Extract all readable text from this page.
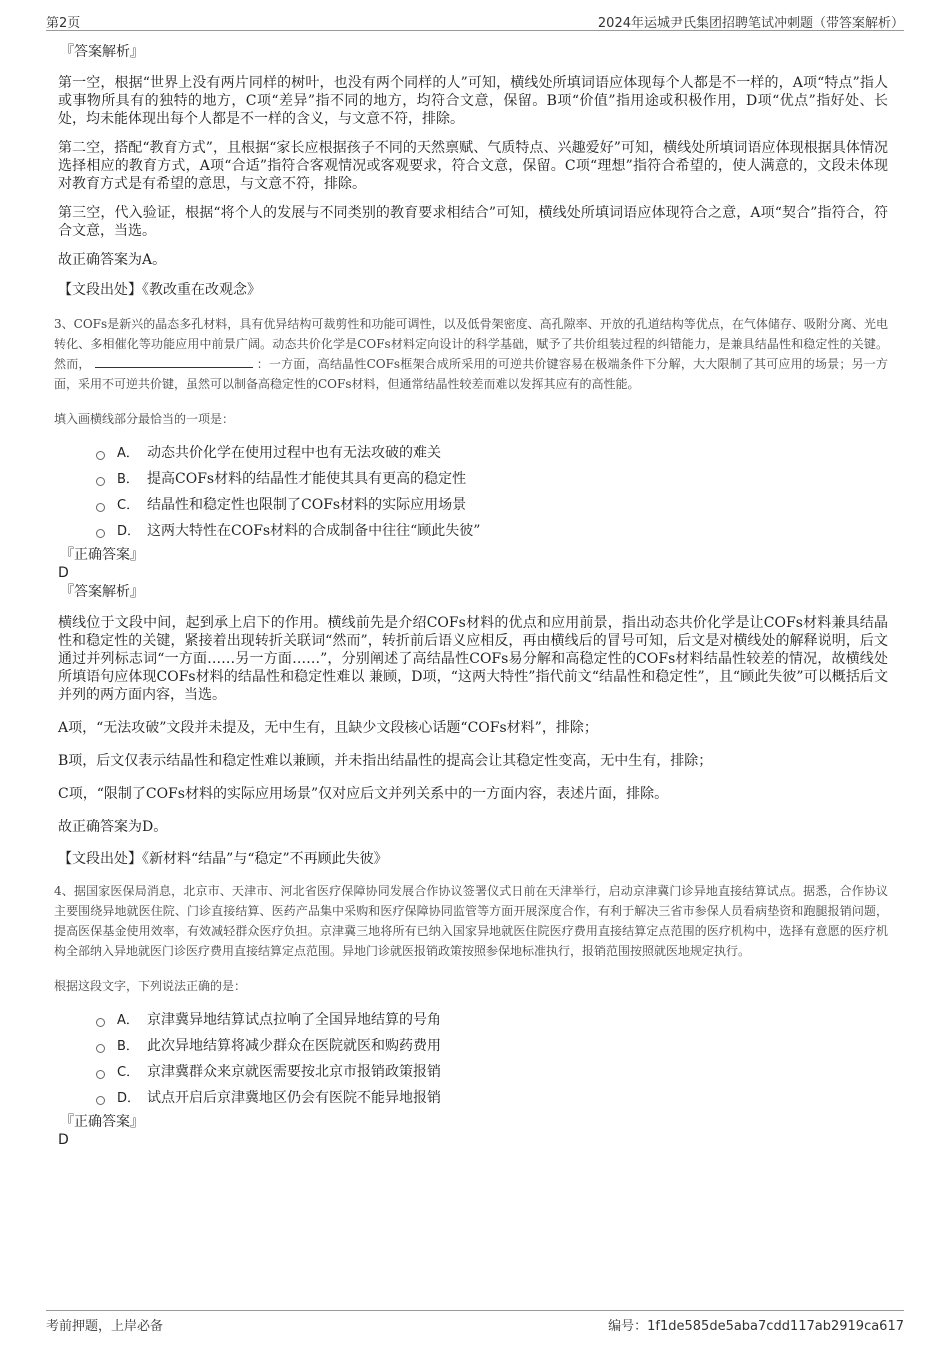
第2页	2024年运城尹氏集团招聘笔试冲刺题（带答案解析）
『答案解析』
第一空，根据“世界上没有两片同样的树叶，也没有两个同样的人”可知，横线处所填词语应体现每个人都是不一样的，A项“特点”指人或事物所具有的独特的地方，C项“差异”指不同的地方，均符合文意，保留。B项“价值”指用途或积极作用，D项“优点”指好处、长处，均未能体现出每个人都是不一样的含义，与文意不符，排除。
第二空，搭配“教育方式”，且根据“家长应根据孩子不同的天然禀赋、气质特点、兴趣爱好”可知，横线处所填词语应体现根据具体情况选择相应的教育方式，A项“合适”指符合客观情况或客观要求，符合文意，保留。C项“理想”指符合希望的，使人满意的，文段未体现对教育方式是有希望的意思，与文意不符，排除。
第三空，代入验证，根据“将个人的发展与不同类别的教育要求相结合”可知，横线处所填词语应体现符合之意，A项“契合”指符合，符合文意，当选。
故正确答案为A。
【文段出处】《教改重在改观念》
3、COFs是新兴的晶态多孔材料，具有优异结构可裁剪性和功能可调性，以及低骨架密度、高孔隙率、开放的孔道结构等优点，在气体储存、吸附分离、光电转化、多相催化等功能应用中前景广阔。动态共价化学是COFs材料定向设计的科学基础，赋予了共价组装过程的纠错能力，是兼具结晶性和稳定性的关键。然而，	：一方面，高结晶性COFs框架合成所采用的可逆共价键容易在极端条件下分解，大大限制了其可应用的场景；另一方面，采用不可逆共价键，虽然可以制备高稳定性的COFs材料，但通常结晶性较差而难以发挥其应有的高性能。
填入画横线部分最恰当的一项是：
A． 动态共价化学在使用过程中也有无法攻破的难关
B． 提高COFs材料的结晶性才能使其具有更高的稳定性
C． 结晶性和稳定性也限制了COFs材料的实际应用场景
D． 这两大特性在COFs材料的合成制备中往往“顾此失彼”
『正确答案』
D
『答案解析』
横线位于文段中间，起到承上启下的作用。横线前先是介绍COFs材料的优点和应用前景，指出动态共价化学是让COFs材料兼具结晶性和稳定性的关键，紧接着出现转折关联词“然而”，转折前后语义应相反，再由横线后的冒号可知，后文是对横线处的解释说明，后文通过并列标志词“一方面……另一方面……”，分别阐述了高结晶性COFs易分解和高稳定性的COFs材料结晶性较差的情况，故横线处所填语句应体现COFs材料的结晶性和稳定性难以 兼顾，D项，“这两大特性”指代前文“结晶性和稳定性”，且“顾此失彼”可以概括后文并列的两方面内容，当选。
A项，“无法攻破”文段并未提及，无中生有，且缺少文段核心话题“COFs材料”，排除；
B项，后文仅表示结晶性和稳定性难以兼顾，并未指出结晶性的提高会让其稳定性变高，无中生有，排除；
C项，“限制了COFs材料的实际应用场景”仅对应后文并列关系中的一方面内容，表述片面，排除。
故正确答案为D。
【文段出处】《新材料“结晶”与“稳定”不再顾此失彼》
4、据国家医保局消息，北京市、天津市、河北省医疗保障协同发展合作协议签署仪式日前在天津举行，启动京津冀门诊异地直接结算试点。据悉，合作协议主要围绕异地就医住院、门诊直接结算、医药产品集中采购和医疗保障协同监管等方面开展深度合作，有利于解决三省市参保人员看病垫资和跑腿报销问题，提高医保基金使用效率，有效减轻群众医疗负担。京津冀三地将所有已纳入国家异地就医住院医疗费用直接结算定点范围的医疗机构中，选择有意愿的医疗机构全部纳入异地就医门诊医疗费用直接结算定点范围。异地门诊就医报销政策按照参保地标准执行，报销范围按照就医地规定执行。
根据这段文字，下列说法正确的是：
A． 京津冀异地结算试点拉响了全国异地结算的号角
B． 此次异地结算将减少群众在医院就医和购药费用
C． 京津冀群众来京就医需要按北京市报销政策报销
D． 试点开启后京津冀地区仍会有医院不能异地报销
『正确答案』
D
考前押题，上岸必备	编号：1f1de585de5aba7cdd117ab2919ca617
